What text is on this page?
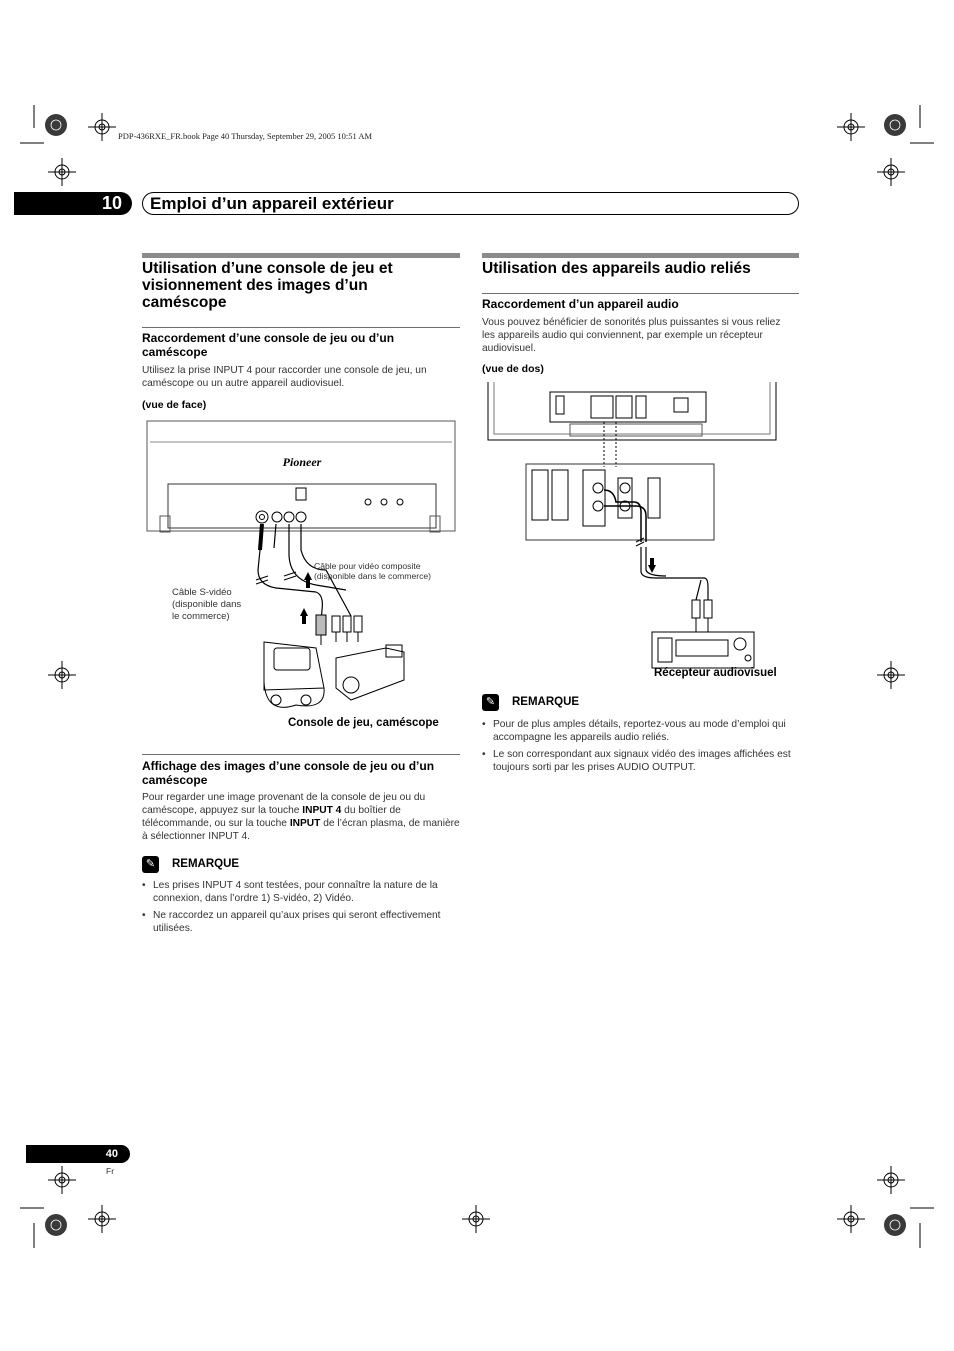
PDP-436RXE_FR.book Page 40 Thursday, September 29, 2005 10:51 AM
10	Emploi d’un appareil extérieur
Utilisation d’une console de jeu et visionnement des images d’un caméscope
Raccordement d’une console de jeu ou d’un caméscope
Utilisez la prise INPUT 4 pour raccorder une console de jeu, un caméscope ou un autre appareil audiovisuel.
(vue de face)
Pioneer
Câble pour vidéo composite
(disponible dans le commerce)
Câble S-vidéo
(disponible dans
le commerce)
Console de jeu, caméscope
Affichage des images d’une console de jeu ou d’un caméscope
Pour regarder une image provenant de la console de jeu ou du caméscope, appuyez sur la touche INPUT 4 du boîtier de télécommande, ou sur la touche INPUT de l’écran plasma, de manière à sélectionner INPUT 4.
✎	REMARQUE
• Les prises INPUT 4 sont testées, pour connaître la nature de la connexion, dans l’ordre 1) S-vidéo, 2) Vidéo.
• Ne raccordez un appareil qu’aux prises qui seront effectivement utilisées.
Utilisation des appareils audio reliés
Raccordement d’un appareil audio
Vous pouvez bénéficier de sonorités plus puissantes si vous reliez les appareils audio qui conviennent, par exemple un récepteur audiovisuel.
(vue de dos)
Récepteur audiovisuel
✎	REMARQUE
• Pour de plus amples détails, reportez-vous au mode d’emploi qui accompagne les appareils audio reliés.
• Le son correspondant aux signaux vidéo des images affichées est toujours sorti par les prises AUDIO OUTPUT.
40
Fr
